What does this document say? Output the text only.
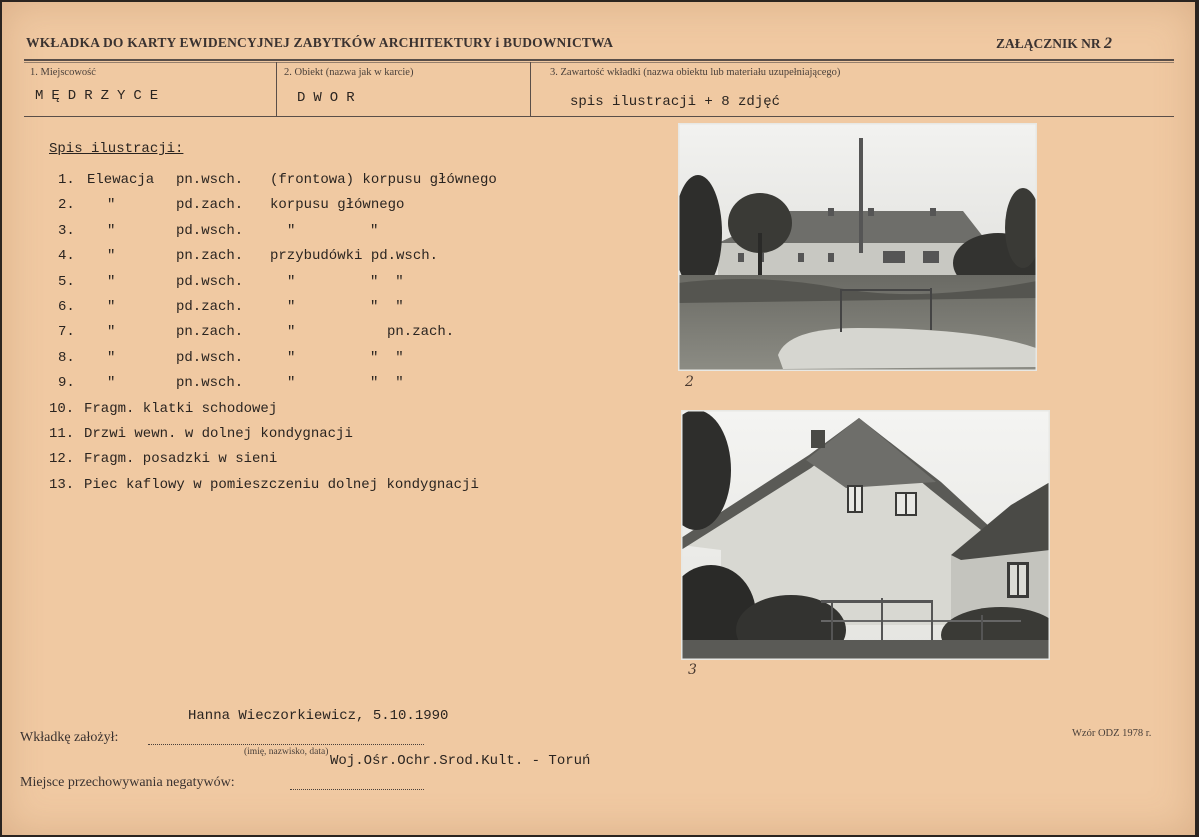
WKŁADKA DO KARTY EWIDENCYJNEJ ZABYTKÓW ARCHITEKTURY i BUDOWNICTWA	ZAŁĄCZNIK NR 2
1. Miejscowość
MĘDRZYCE
2. Obiekt (nazwa jak w karcie)
DWOR
3. Zawartość wkładki (nazwa obiektu lub materiału uzupełniającego)
spis ilustracji + 8 zdjęć
Spis ilustracji:
1. Elewacja pn.wsch. (frontowa) korpusu głównego
2. "	pd.zach. korpusu głównego
3. "	pd.wsch.	"	"
4. "	pn.zach. przybudówki pd.wsch.
5. "	pd.wsch.	"	"  "
6. "	pd.zach.	"	"  "
7. "	pn.zach.	"	pn.zach.
8. "	pd.wsch.	"	"  "
9. "	pn.wsch.	"	"  "
10. Fragm. klatki schodowej
11. Drzwi wewn. w dolnej kondygnacji
12. Fragm. posadzki w sieni
13. Piec kaflowy w pomieszczeniu dolnej kondygnacji
2
3
Hanna Wieczorkiewicz, 5.10.1990
Wkładkę założył:
(imię, nazwisko, data)
Woj.Ośr.Ochr.Srod.Kult. - Toruń
Miejsce przechowywania negatywów:
Wzór ODZ 1978 r.
